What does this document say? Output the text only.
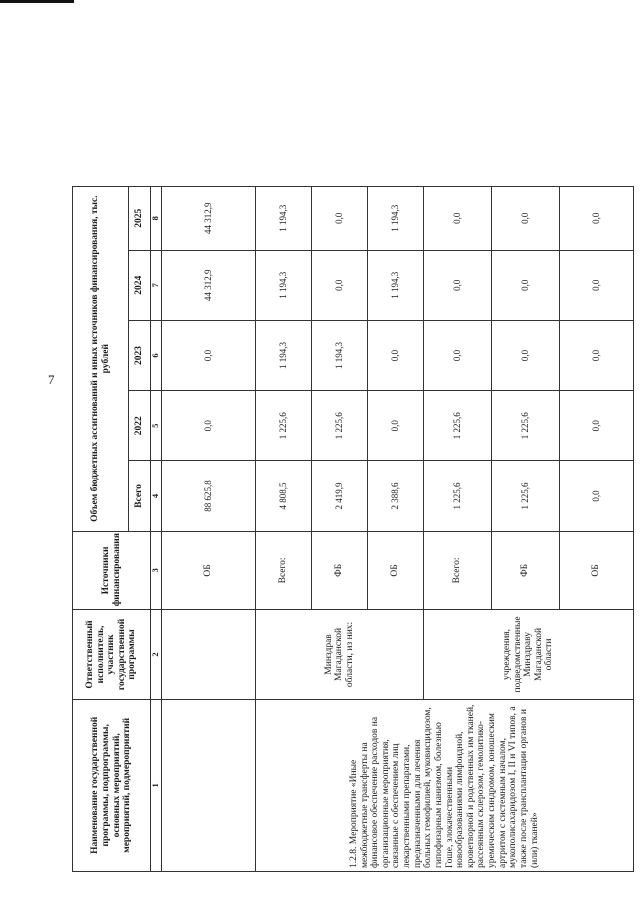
7
Наименование государственной программы, подпрограммы, основных мероприятий, мероприятий, подмероприятий	Ответственный исполнитель, участник государственной программы	Источники финансирования	Объем бюджетных ассигнований и иных источников финансирования, тыс. рублей					
			Всего	2022	2023	2024	2025	
1	2	3	4	5	6	7	8	
		ОБ	88 625,8	0,0	0,0	44 312,9	44 312,9	
1.2.8. Мероприятие «Иные межбюджетные трансферты на финансовое обеспечение расходов на организационные мероприятия, связанные с обеспечением лиц лекарственными препаратами, предназначенными для лечения больных гемофилией, муковисцидозом, гипофизарным нанизмом, болезнью Гоше, злокачественными новообразованиями лимфоидной, кроветворной и родственных им тканей, рассеянным склерозом, гемолитико-уремическим синдромом, юношеским артритом с системным началом, мукополисахаридозом I, II и VI типов, а также после трансплантации органов и (или) тканей»	Минздрав Магаданской области, из них:	Всего:	4 808,5	1 225,6	1 194,3	1 194,3	1 194,3	
		ФБ	2 419,9	1 225,6	1 194,3	0,0	0,0	
		ОБ	2 388,6	0,0	0,0	1 194,3	1 194,3	
	учреждения, подведомственные Минздраву Магаданской области	Всего:	1 225,6	1 225,6	0,0	0,0	0,0	
		ФБ	1 225,6	1 225,6	0,0	0,0	0,0	
		ОБ	0,0	0,0	0,0	0,0	0,0	
